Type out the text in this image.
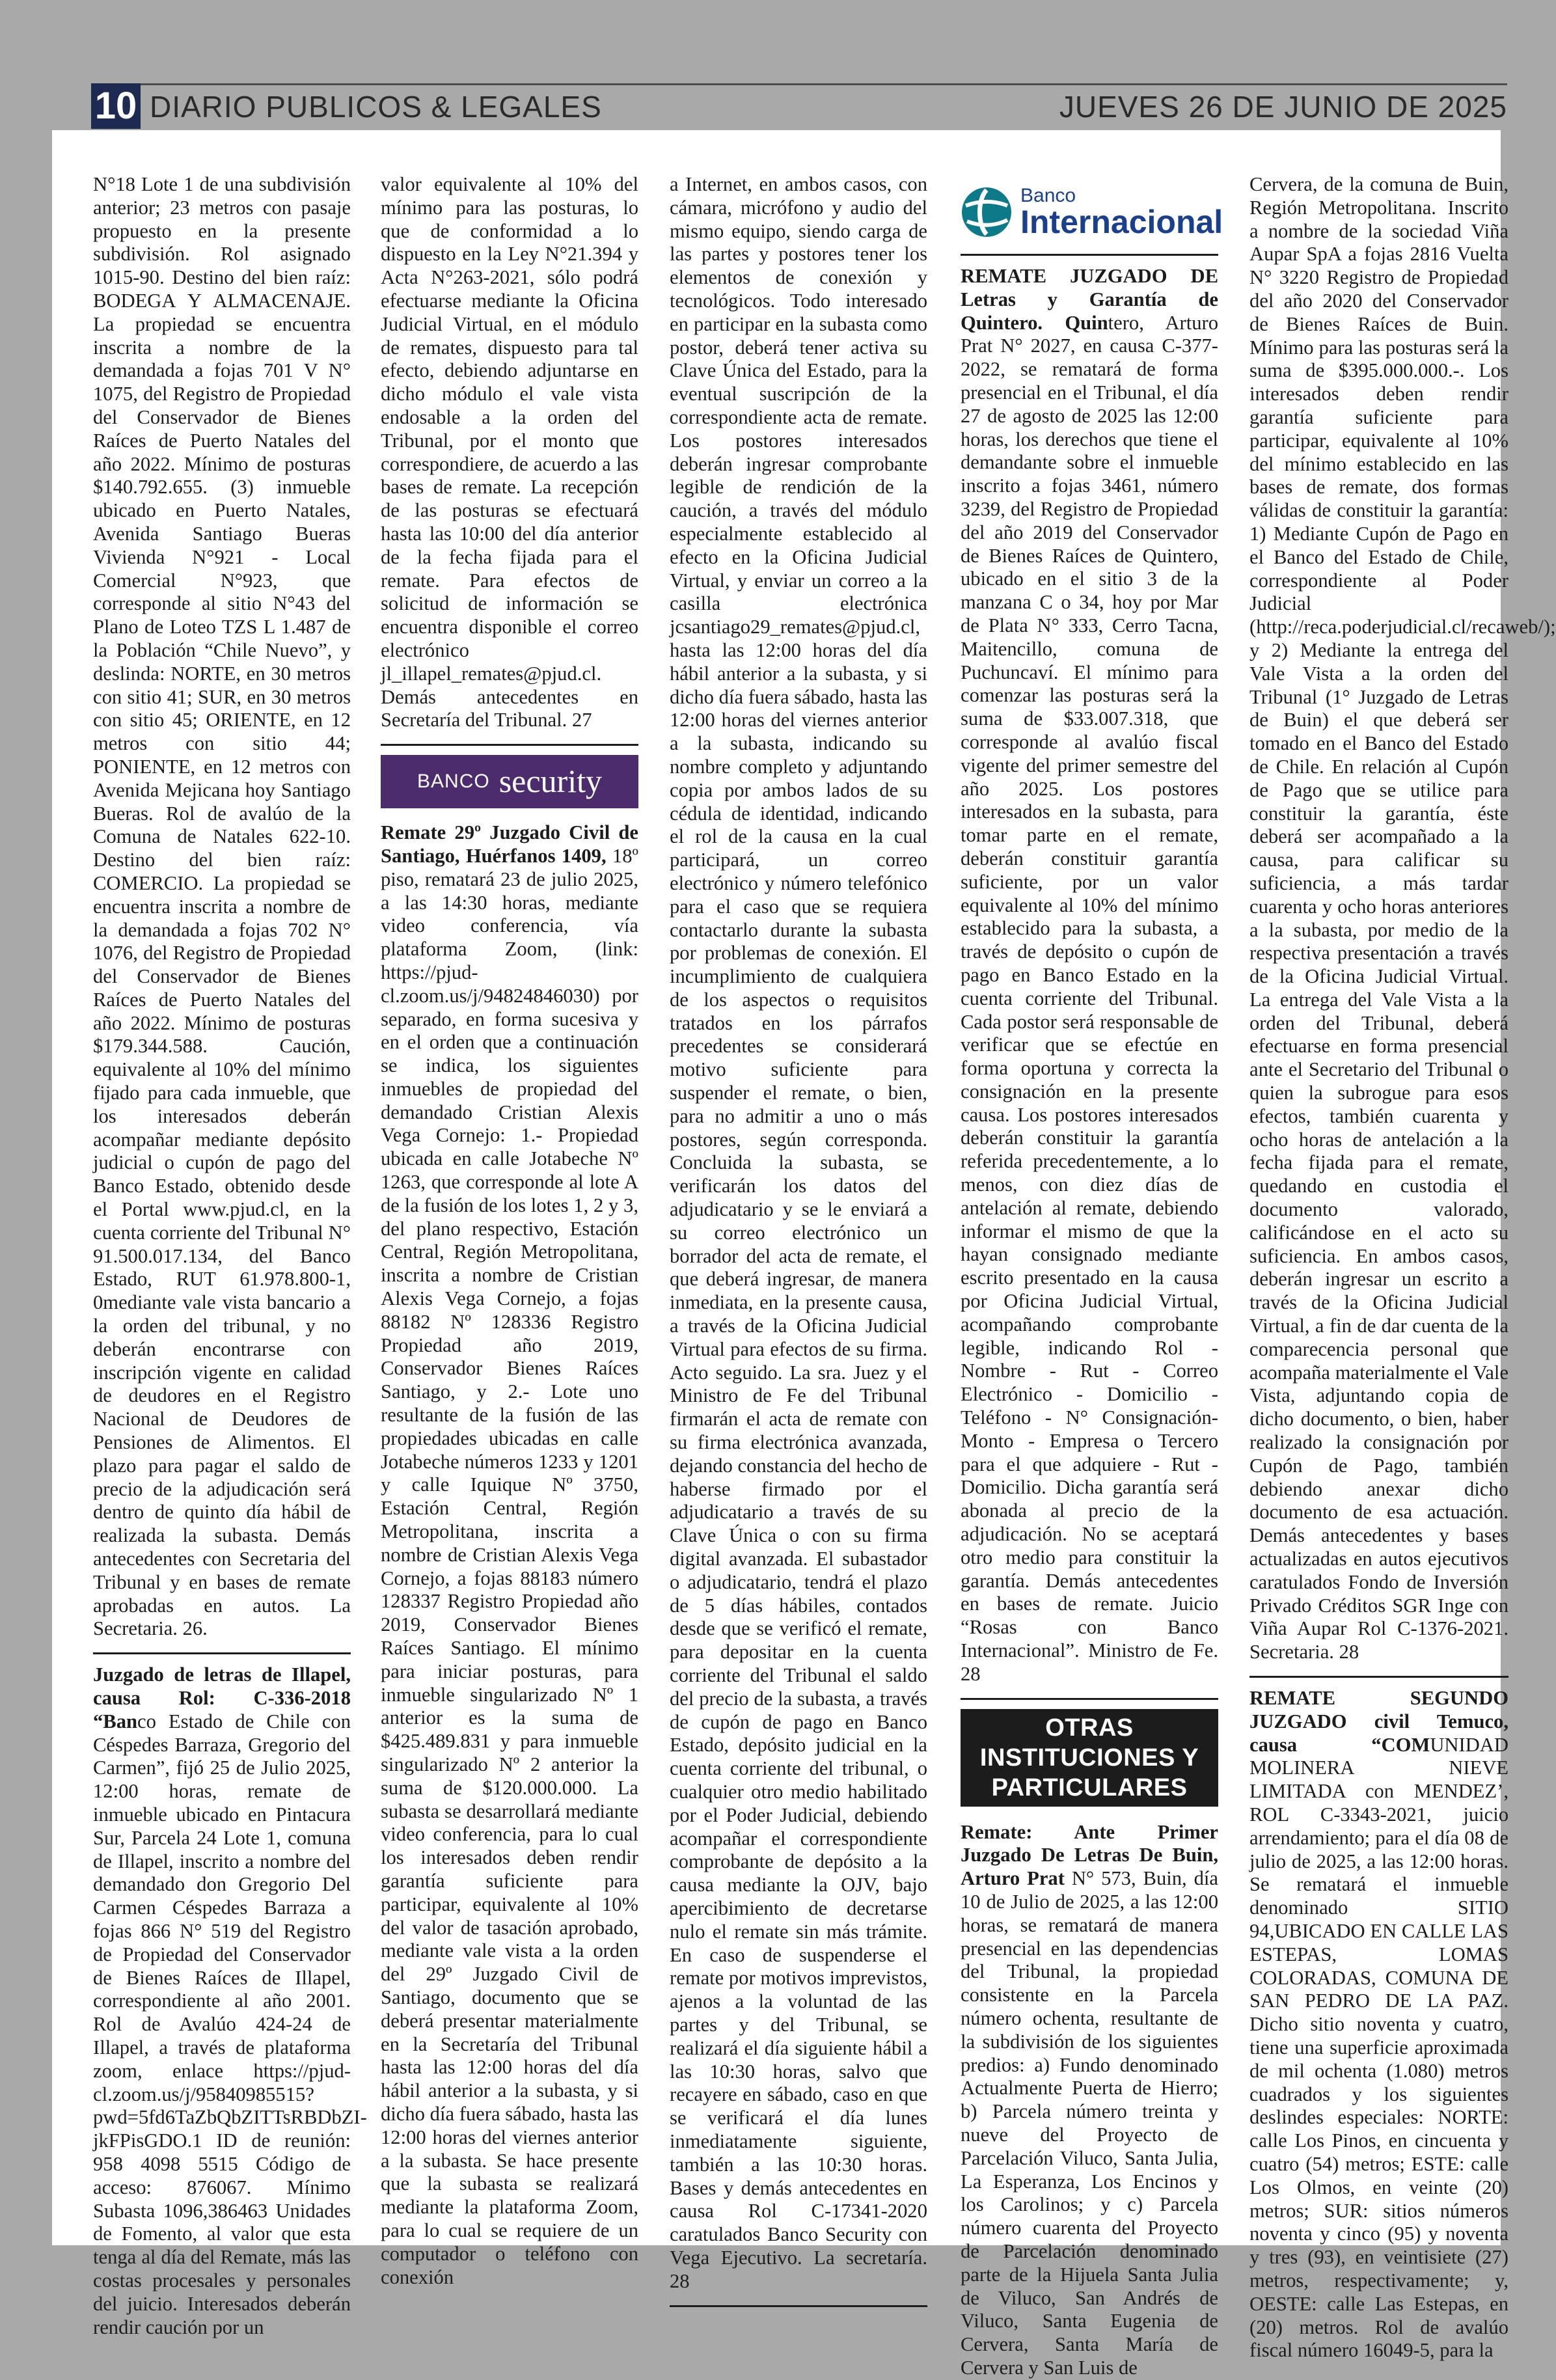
10 DIARIO PUBLICOS & LEGALES	JUEVES 26 DE JUNIO DE 2025

N°18 Lote 1 de una subdivisión anterior; 23 metros con pasaje propuesto en la presente subdivisión. Rol asignado 1015-90. Destino del bien raíz: BODEGA Y ALMACENAJE. La propiedad se encuentra inscrita a nombre de la demandada a fojas 701 V N° 1075, del Registro de Propiedad del Conservador de Bienes Raíces de Puerto Natales del año 2022. Mínimo de posturas $140.792.655. (3) inmueble ubicado en Puerto Natales, Avenida Santiago Bueras Vivienda N°921 - Local Comercial N°923, que corresponde al sitio N°43 del Plano de Loteo TZS L 1.487 de la Población “Chile Nuevo”, y deslinda: NORTE, en 30 metros con sitio 41; SUR, en 30 metros con sitio 45; ORIENTE, en 12 metros con sitio 44; PONIENTE, en 12 metros con Avenida Mejicana hoy Santiago Bueras. Rol de avalúo de la Comuna de Natales 622-10. Destino del bien raíz: COMERCIO. La propiedad se encuentra inscrita a nombre de la demandada a fojas 702 N° 1076, del Registro de Propiedad del Conservador de Bienes Raíces de Puerto Natales del año 2022. Mínimo de posturas $179.344.588. Caución, equivalente al 10% del mínimo fijado para cada inmueble, que los interesados deberán acompañar mediante depósito judicial o cupón de pago del Banco Estado, obtenido desde el Portal www.pjud.cl, en la cuenta corriente del Tribunal N° 91.500.017.134, del Banco Estado, RUT 61.978.800-1, 0mediante vale vista bancario a la orden del tribunal, y no deberán encontrarse con inscripción vigente en calidad de deudores en el Registro Nacional de Deudores de Pensiones de Alimentos. El plazo para pagar el saldo de precio de la adjudicación será dentro de quinto día hábil de realizada la subasta. Demás antecedentes con Secretaria del Tribunal y en bases de remate aprobadas en autos. La Secretaria. 26.

Juzgado de letras de Illapel, causa Rol: C-336-2018 “Banco Estado de Chile con Céspedes Barraza, Gregorio del Carmen”, fijó 25 de Julio 2025, 12:00 horas, remate de inmueble ubicado en Pintacura Sur, Parcela 24 Lote 1, comuna de Illapel, inscrito a nombre del demandado don Gregorio Del Carmen Céspedes Barraza a fojas 866 N° 519 del Registro de Propiedad del Conservador de Bienes Raíces de Illapel, correspondiente al año 2001. Rol de Avalúo 424-24 de Illapel, a través de plataforma zoom, enlace https://pjud-cl.zoom.us/j/95840985515?pwd=5fd6TaZbQbZITTsRBDbZI-jkFPisGDO.1 ID de reunión: 958 4098 5515 Código de acceso: 876067. Mínimo Subasta 1096,386463 Unidades de Fomento, al valor que esta tenga al día del Remate, más las costas procesales y personales del juicio. Interesados deberán rendir caución por un

valor equivalente al 10% del mínimo para las posturas, lo que de conformidad a lo dispuesto en la Ley N°21.394 y Acta N°263-2021, sólo podrá efectuarse mediante la Oficina Judicial Virtual, en el módulo de remates, dispuesto para tal efecto, debiendo adjuntarse en dicho módulo el vale vista endosable a la orden del Tribunal, por el monto que correspondiere, de acuerdo a las bases de remate. La recepción de las posturas se efectuará hasta las 10:00 del día anterior de la fecha fijada para el remate. Para efectos de solicitud de información se encuentra disponible el correo electrónico jl_illapel_remates@pjud.cl. Demás antecedentes en Secretaría del Tribunal. 27

BANCO security

Remate 29º Juzgado Civil de Santiago, Huérfanos 1409, 18º piso, rematará 23 de julio 2025, a las 14:30 horas, mediante video conferencia, vía plataforma Zoom, (link: https://pjud-cl.zoom.us/j/94824846030) por separado, en forma sucesiva y en el orden que a continuación se indica, los siguientes inmuebles de propiedad del demandado Cristian Alexis Vega Cornejo: 1.- Propiedad ubicada en calle Jotabeche Nº 1263, que corresponde al lote A de la fusión de los lotes 1, 2 y 3, del plano respectivo, Estación Central, Región Metropolitana, inscrita a nombre de Cristian Alexis Vega Cornejo, a fojas 88182 Nº 128336 Registro Propiedad año 2019, Conservador Bienes Raíces Santiago, y 2.- Lote uno resultante de la fusión de las propiedades ubicadas en calle Jotabeche números 1233 y 1201 y calle Iquique Nº 3750, Estación Central, Región Metropolitana, inscrita a nombre de Cristian Alexis Vega Cornejo, a fojas 88183 número 128337 Registro Propiedad año 2019, Conservador Bienes Raíces Santiago. El mínimo para iniciar posturas, para inmueble singularizado Nº 1 anterior es la suma de $425.489.831 y para inmueble singularizado Nº 2 anterior la suma de $120.000.000. La subasta se desarrollará mediante video conferencia, para lo cual los interesados deben rendir garantía suficiente para participar, equivalente al 10% del valor de tasación aprobado, mediante vale vista a la orden del 29º Juzgado Civil de Santiago, documento que se deberá presentar materialmente en la Secretaría del Tribunal hasta las 12:00 horas del día hábil anterior a la subasta, y si dicho día fuera sábado, hasta las 12:00 horas del viernes anterior a la subasta. Se hace presente que la subasta se realizará mediante la plataforma Zoom, para lo cual se requiere de un computador o teléfono con conexión

a Internet, en ambos casos, con cámara, micrófono y audio del mismo equipo, siendo carga de las partes y postores tener los elementos de conexión y tecnológicos. Todo interesado en participar en la subasta como postor, deberá tener activa su Clave Única del Estado, para la eventual suscripción de la correspondiente acta de remate. Los postores interesados deberán ingresar comprobante legible de rendición de la caución, a través del módulo especialmente establecido al efecto en la Oficina Judicial Virtual, y enviar un correo a la casilla electrónica jcsantiago29_remates@pjud.cl, hasta las 12:00 horas del día hábil anterior a la subasta, y si dicho día fuera sábado, hasta las 12:00 horas del viernes anterior a la subasta, indicando su nombre completo y adjuntando copia por ambos lados de su cédula de identidad, indicando el rol de la causa en la cual participará, un correo electrónico y número telefónico para el caso que se requiera contactarlo durante la subasta por problemas de conexión. El incumplimiento de cualquiera de los aspectos o requisitos tratados en los párrafos precedentes se considerará motivo suficiente para suspender el remate, o bien, para no admitir a uno o más postores, según corresponda. Concluida la subasta, se verificarán los datos del adjudicatario y se le enviará a su correo electrónico un borrador del acta de remate, el que deberá ingresar, de manera inmediata, en la presente causa, a través de la Oficina Judicial Virtual para efectos de su firma. Acto seguido. La sra. Juez y el Ministro de Fe del Tribunal firmarán el acta de remate con su firma electrónica avanzada, dejando constancia del hecho de haberse firmado por el adjudicatario a través de su Clave Única o con su firma digital avanzada. El subastador o adjudicatario, tendrá el plazo de 5 días hábiles, contados desde que se verificó el remate, para depositar en la cuenta corriente del Tribunal el saldo del precio de la subasta, a través de cupón de pago en Banco Estado, depósito judicial en la cuenta corriente del tribunal, o cualquier otro medio habilitado por el Poder Judicial, debiendo acompañar el correspondiente comprobante de depósito a la causa mediante la OJV, bajo apercibimiento de decretarse nulo el remate sin más trámite. En caso de suspenderse el remate por motivos imprevistos, ajenos a la voluntad de las partes y del Tribunal, se realizará el día siguiente hábil a las 10:30 horas, salvo que recayere en sábado, caso en que se verificará el día lunes inmediatamente siguiente, también a las 10:30 horas. Bases y demás antecedentes en causa Rol C-17341-2020 caratulados Banco Security con Vega Ejecutivo. La secretaría. 28

Banco
Internacional

REMATE JUZGADO DE Letras y Garantía de Quintero. Quintero, Arturo Prat N° 2027, en causa C-377-2022, se rematará de forma presencial en el Tribunal, el día 27 de agosto de 2025 las 12:00 horas, los derechos que tiene el demandante sobre el inmueble inscrito a fojas 3461, número 3239, del Registro de Propiedad del año 2019 del Conservador de Bienes Raíces de Quintero, ubicado en el sitio 3 de la manzana C o 34, hoy por Mar de Plata N° 333, Cerro Tacna, Maitencillo, comuna de Puchuncaví. El mínimo para comenzar las posturas será la suma de $33.007.318, que corresponde al avalúo fiscal vigente del primer semestre del año 2025. Los postores interesados en la subasta, para tomar parte en el remate, deberán constituir garantía suficiente, por un valor equivalente al 10% del mínimo establecido para la subasta, a través de depósito o cupón de pago en Banco Estado en la cuenta corriente del Tribunal. Cada postor será responsable de verificar que se efectúe en forma oportuna y correcta la consignación en la presente causa. Los postores interesados deberán constituir la garantía referida precedentemente, a lo menos, con diez días de antelación al remate, debiendo informar el mismo de que la hayan consignado mediante escrito presentado en la causa por Oficina Judicial Virtual, acompañando comprobante legible, indicando Rol - Nombre - Rut - Correo Electrónico - Domicilio - Teléfono - N° Consignación- Monto - Empresa o Tercero para el que adquiere - Rut - Domicilio. Dicha garantía será abonada al precio de la adjudicación. No se aceptará otro medio para constituir la garantía. Demás antecedentes en bases de remate. Juicio “Rosas con Banco Internacional”. Ministro de Fe. 28

OTRAS INSTITUCIONES Y PARTICULARES

Remate: Ante Primer Juzgado De Letras De Buin, Arturo Prat N° 573, Buin, día 10 de Julio de 2025, a las 12:00 horas, se rematará de manera presencial en las dependencias del Tribunal, la propiedad consistente en la Parcela número ochenta, resultante de la subdivisión de los siguientes predios: a) Fundo denominado Actualmente Puerta de Hierro; b) Parcela número treinta y nueve del Proyecto de Parcelación Viluco, Santa Julia, La Esperanza, Los Encinos y los Carolinos; y c) Parcela número cuarenta del Proyecto de Parcelación denominado parte de la Hijuela Santa Julia de Viluco, San Andrés de Viluco, Santa Eugenia de Cervera, Santa María de Cervera y San Luis de

Cervera, de la comuna de Buin, Región Metropolitana. Inscrito a nombre de la sociedad Viña Aupar SpA a fojas 2816 Vuelta N° 3220 Registro de Propiedad del año 2020 del Conservador de Bienes Raíces de Buin. Mínimo para las posturas será la suma de $395.000.000.-. Los interesados deben rendir garantía suficiente para participar, equivalente al 10% del mínimo establecido en las bases de remate, dos formas válidas de constituir la garantía: 1) Mediante Cupón de Pago en el Banco del Estado de Chile, correspondiente al Poder Judicial (http://reca.poderjudicial.cl/recaweb/); y 2) Mediante la entrega del Vale Vista a la orden del Tribunal (1° Juzgado de Letras de Buin) el que deberá ser tomado en el Banco del Estado de Chile. En relación al Cupón de Pago que se utilice para constituir la garantía, éste deberá ser acompañado a la causa, para calificar su suficiencia, a más tardar cuarenta y ocho horas anteriores a la subasta, por medio de la respectiva presentación a través de la Oficina Judicial Virtual. La entrega del Vale Vista a la orden del Tribunal, deberá efectuarse en forma presencial ante el Secretario del Tribunal o quien la subrogue para esos efectos, también cuarenta y ocho horas de antelación a la fecha fijada para el remate, quedando en custodia el documento valorado, calificándose en el acto su suficiencia. En ambos casos, deberán ingresar un escrito a través de la Oficina Judicial Virtual, a fin de dar cuenta de la comparecencia personal que acompaña materialmente el Vale Vista, adjuntando copia de dicho documento, o bien, haber realizado la consignación por Cupón de Pago, también debiendo anexar dicho documento de esa actuación. Demás antecedentes y bases actualizadas en autos ejecutivos caratulados Fondo de Inversión Privado Créditos SGR Inge con Viña Aupar Rol C-1376-2021. Secretaria. 28

REMATE SEGUNDO JUZGADO civil Temuco, causa “COMUNIDAD MOLINERA NIEVE LIMITADA con MENDEZ’, ROL C-3343-2021, juicio arrendamiento; para el día 08 de julio de 2025, a las 12:00 horas. Se rematará el inmueble denominado SITIO 94,UBICADO EN CALLE LAS ESTEPAS, LOMAS COLORADAS, COMUNA DE SAN PEDRO DE LA PAZ. Dicho sitio noventa y cuatro, tiene una superficie aproximada de mil ochenta (1.080) metros cuadrados y los siguientes deslindes especiales: NORTE: calle Los Pinos, en cincuenta y cuatro (54) metros; ESTE: calle Los Olmos, en veinte (20) metros; SUR: sitios números noventa y cinco (95) y noventa y tres (93), en veintisiete (27) metros, respectivamente; y, OESTE: calle Las Estepas, en (20) metros. Rol de avalúo fiscal número 16049-5, para la
